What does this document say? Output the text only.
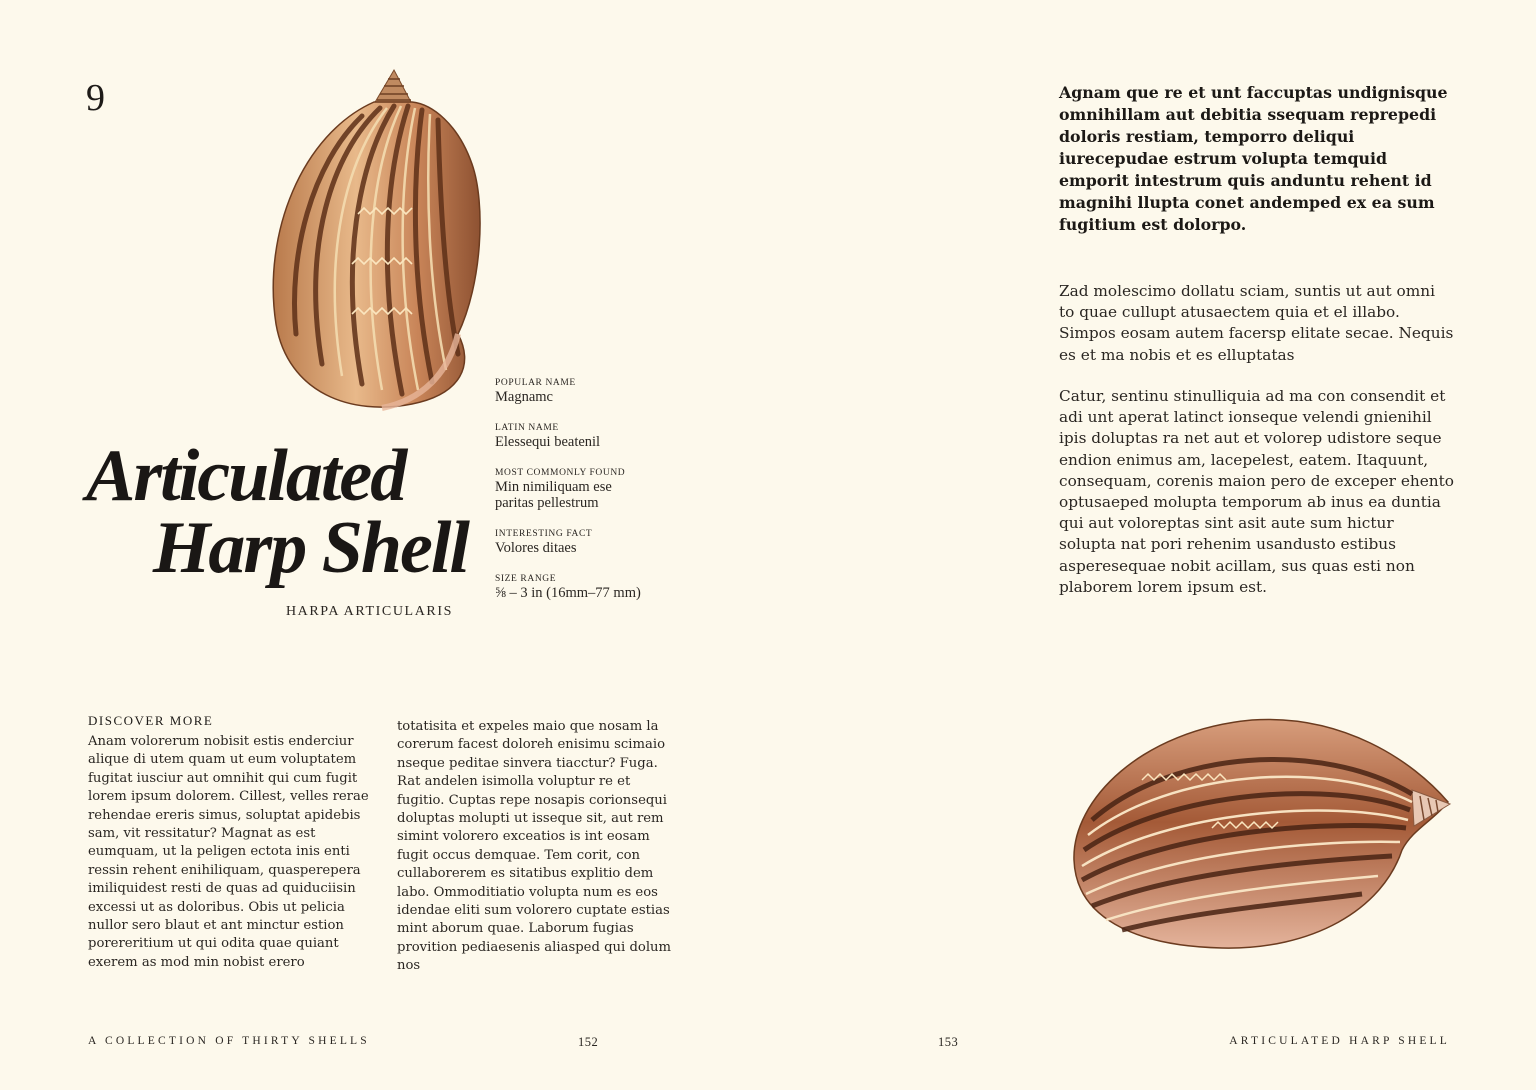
9
Articulated
Harp Shell
HARPA ARTICULARIS
POPULAR NAME
Magnamc
LATIN NAME
Elessequi beatenil
MOST COMMONLY FOUND
Min nimiliquam ese paritas pellestrum
INTERESTING FACT
Volores ditaes
SIZE RANGE
⅝ – 3 in (16mm–77 mm)
DISCOVER MORE
Anam volorerum nobisit estis enderciur alique di utem quam ut eum voluptatem fugitat iusciur aut omnihit qui cum fugit lorem ipsum dolorem. Cillest, velles rerae rehendae ereris simus, soluptat apidebis sam, vit ressitatur? Magnat as est eumquam, ut la peligen ectota inis enti ressin rehent enihiliquam, quasperepera imiliquidest resti de quas ad quiduciisin excessi ut as doloribus. Obis ut pelicia nullor sero blaut et ant minctur estion porereritium ut qui odita quae quiant exerem as mod min nobist erero
totatisita et expeles maio que nosam la corerum facest doloreh enisimu scimaio nseque peditae sinvera tiacctur? Fuga. Rat andelen isimolla voluptur re et fugitio. Cuptas repe nosapis corionsequi doluptas molupti ut isseque sit, aut rem simint volorero exceatios is int eosam fugit occus demquae. Tem corit, con cullaborerem es sitatibus explitio dem labo. Ommoditiatio volupta num es eos idendae eliti sum volorero cuptate estias mint aborum quae. Laborum fugias provition pediaesenis aliasped qui dolum nos
A COLLECTION OF THIRTY SHELLS	152
Agnam que re et unt faccuptas undignisque omnihillam aut debitia ssequam reprepedi doloris restiam, temporro deliqui iurecepudae estrum volupta temquid emporit intestrum quis anduntu rehent id magnihi llupta conet andemped ex ea sum fugitium est dolorpo.
Zad molescimo dollatu sciam, suntis ut aut omni to quae cullupt atusaectem quia et el illabo. Simpos eosam autem facersp elitate secae. Nequis es et ma nobis et es elluptatas
Catur, sentinu stinulliquia ad ma con consendit et adi unt aperat latinct ionseque velendi gnienihil ipis doluptas ra net aut et volorep udistore seque endion enimus am, lacepelest, eatem. Itaquunt, consequam, corenis maion pero de exceper ehento optusaeped molupta temporum ab inus ea duntia qui aut voloreptas sint asit aute sum hictur solupta nat pori rehenim usandusto estibus asperesequae nobit acillam, sus quas esti non plaborem lorem ipsum est.
153	ARTICULATED HARP SHELL
